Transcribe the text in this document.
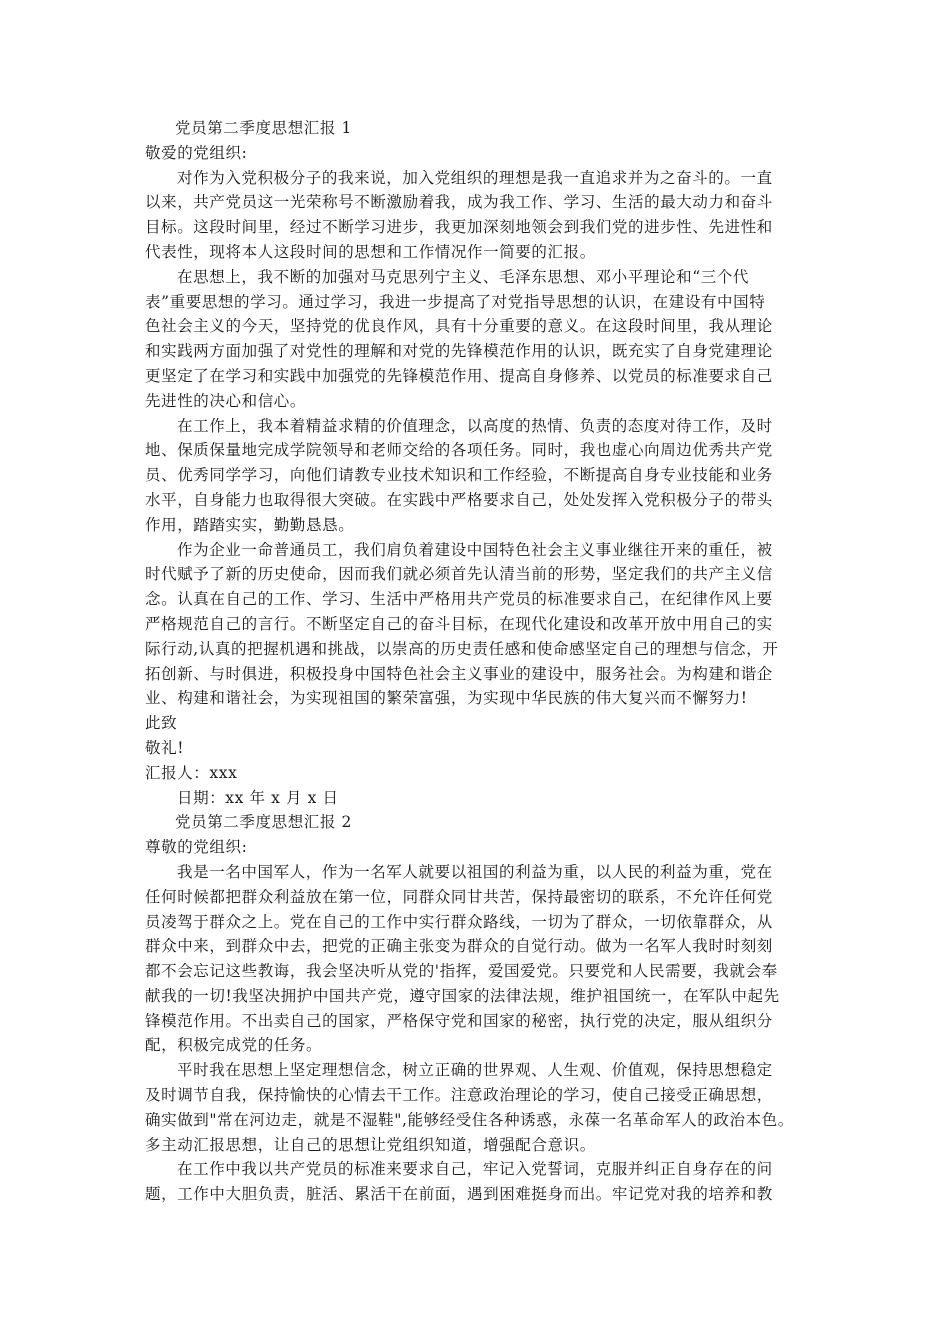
党员第二季度思想汇报 1
敬爱的党组织:
对作为入党积极分子的我来说，加入党组织的理想是我一直追求并为之奋斗的。一直
以来，共产党员这一光荣称号不断激励着我，成为我工作、学习、生活的最大动力和奋斗
目标。这段时间里，经过不断学习进步，我更加深刻地领会到我们党的进步性、先进性和
代表性，现将本人这段时间的思想和工作情况作一简要的汇报。
在思想上，我不断的加强对马克思列宁主义、毛泽东思想、邓小平理论和“三个代
表”重要思想的学习。通过学习，我进一步提高了对党指导思想的认识，在建设有中国特
色社会主义的今天，坚持党的优良作风，具有十分重要的意义。在这段时间里，我从理论
和实践两方面加强了对党性的理解和对党的先锋模范作用的认识，既充实了自身党建理论
更坚定了在学习和实践中加强党的先锋模范作用、提高自身修养、以党员的标准要求自己
先进性的决心和信心。
在工作上，我本着精益求精的价值理念，以高度的热情、负责的态度对待工作，及时
地、保质保量地完成学院领导和老师交给的各项任务。同时，我也虚心向周边优秀共产党
员、优秀同学学习，向他们请教专业技术知识和工作经验，不断提高自身专业技能和业务
水平，自身能力也取得很大突破。在实践中严格要求自己，处处发挥入党积极分子的带头
作用，踏踏实实，勤勤恳恳。
作为企业一命普通员工，我们肩负着建设中国特色社会主义事业继往开来的重任，被
时代赋予了新的历史使命，因而我们就必须首先认清当前的形势，坚定我们的共产主义信
念。认真在自己的工作、学习、生活中严格用共产党员的标准要求自己，在纪律作风上要
严格规范自己的言行。不断坚定自己的奋斗目标，在现代化建设和改革开放中用自己的实
际行动,认真的把握机遇和挑战，以崇高的历史责任感和使命感坚定自己的理想与信念，开
拓创新、与时俱进，积极投身中国特色社会主义事业的建设中，服务社会。为构建和谐企
业、构建和谐社会，为实现祖国的繁荣富强，为实现中华民族的伟大复兴而不懈努力!
此致
敬礼!
汇报人：xxx
日期：xx 年 x 月 x 日
党员第二季度思想汇报 2
尊敬的党组织:
我是一名中国军人，作为一名军人就要以祖国的利益为重，以人民的利益为重，党在
任何时候都把群众利益放在第一位，同群众同甘共苦，保持最密切的联系，不允许任何党
员凌驾于群众之上。党在自己的工作中实行群众路线，一切为了群众，一切依靠群众，从
群众中来，到群众中去，把党的正确主张变为群众的自觉行动。做为一名军人我时时刻刻
都不会忘记这些教诲，我会坚决听从党的'指挥，爱国爱党。只要党和人民需要，我就会奉
献我的一切!我坚决拥护中国共产党，遵守国家的法律法规，维护祖国统一，在军队中起先
锋模范作用。不出卖自己的国家，严格保守党和国家的秘密，执行党的决定，服从组织分
配，积极完成党的任务。
平时我在思想上坚定理想信念，树立正确的世界观、人生观、价值观，保持思想稳定
及时调节自我，保持愉快的心情去干工作。注意政治理论的学习，使自己接受正确思想，
确实做到"常在河边走，就是不湿鞋",能够经受住各种诱惑，永葆一名革命军人的政治本色。
多主动汇报思想，让自己的思想让党组织知道，增强配合意识。
在工作中我以共产党员的标准来要求自己，牢记入党誓词，克服并纠正自身存在的问
题，工作中大胆负责，脏活、累活干在前面，遇到困难挺身而出。牢记党对我的培养和教
